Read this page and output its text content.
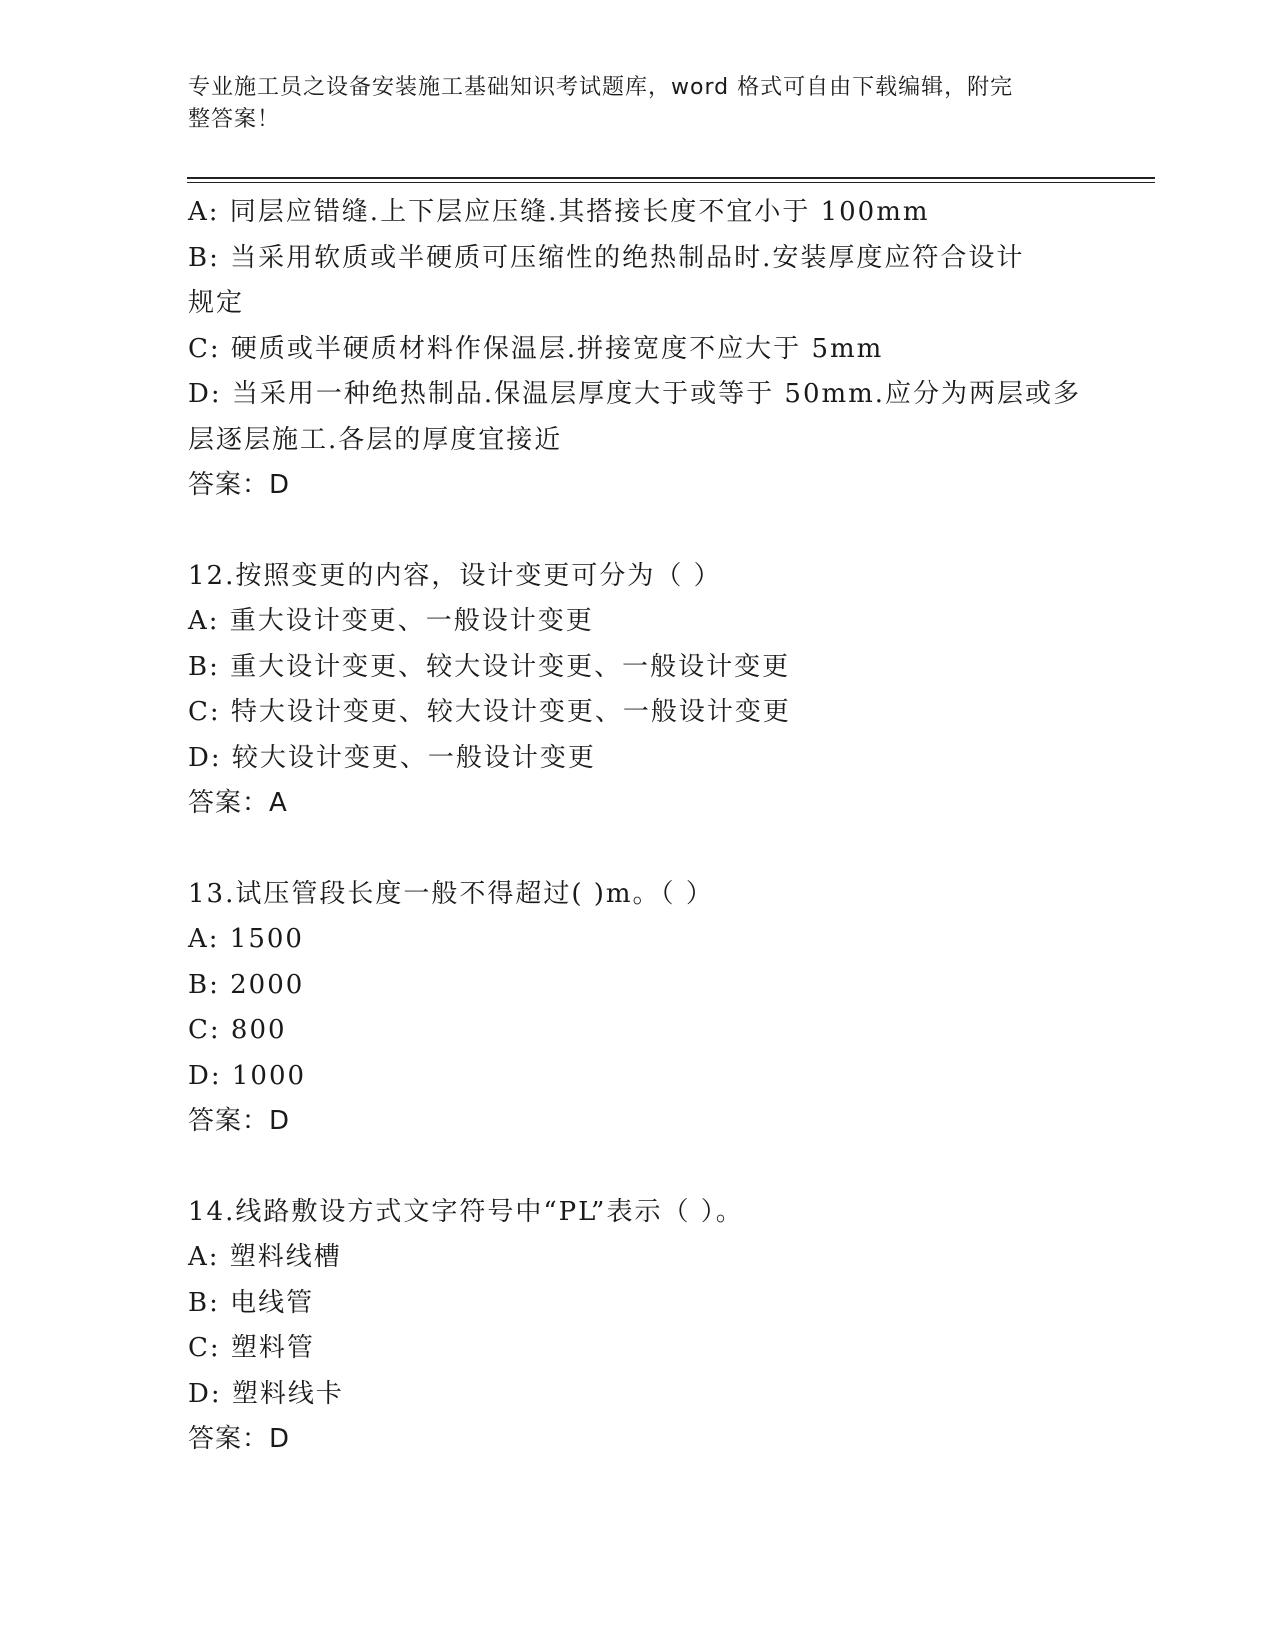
专业施工员之设备安装施工基础知识考试题库，word 格式可自由下载编辑，附完
整答案！
A: 同层应错缝.上下层应压缝.其搭接长度不宜小于 100mm
B: 当采用软质或半硬质可压缩性的绝热制品时.安装厚度应符合设计
规定
C: 硬质或半硬质材料作保温层.拼接宽度不应大于 5mm
D: 当采用一种绝热制品.保温层厚度大于或等于 50mm.应分为两层或多
层逐层施工.各层的厚度宜接近
答案：D
12.按照变更的内容，设计变更可分为（ ）
A: 重大设计变更、一般设计变更
B: 重大设计变更、较大设计变更、一般设计变更
C: 特大设计变更、较大设计变更、一般设计变更
D: 较大设计变更、一般设计变更
答案：A
13.试压管段长度一般不得超过( )m。（ ）
A: 1500
B: 2000
C: 800
D: 1000
答案：D
14.线路敷设方式文字符号中“PL”表示（ ）。
A: 塑料线槽
B: 电线管
C: 塑料管
D: 塑料线卡
答案：D
